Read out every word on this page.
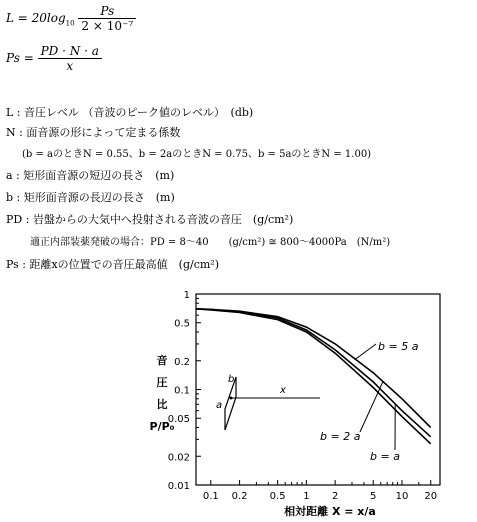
$L = 20\log_{10} \frac{Ps}{\text{2 × 10⁻⁷}}$
$Ps = \frac{PD \cdot N \cdot a}{x}$
L : 音圧レベル （音波のピーク値のレベル）　(db)
N : 面音源の形によって定まる係数
(b = aのときN = 0.55、b = 2aのときN = 0.75、b = 5aのときN = 1.00)
a : 矩形面音源の短辺の長さ　(m)
b : 矩形面音源の長辺の長さ　(m)
PD : 岩盤からの大気中へ投射される音波の音圧　(g/cm²)
適正内部装薬発破の場合：PD = 8〜40　　(g/cm²) ≅ 800〜4000Pa　(N/m²)
Ps : 距離xの位置での音圧最高値　(g/cm²)
b
a
x
0.1 0.2 0.5 1 2	5 10 20
1
0.5
0.2
0.1
0.05
0.02
0.01
音
圧
比
P/P₀
相対距離 X = x/a
b = 5 a
b = 2 a
b = a
